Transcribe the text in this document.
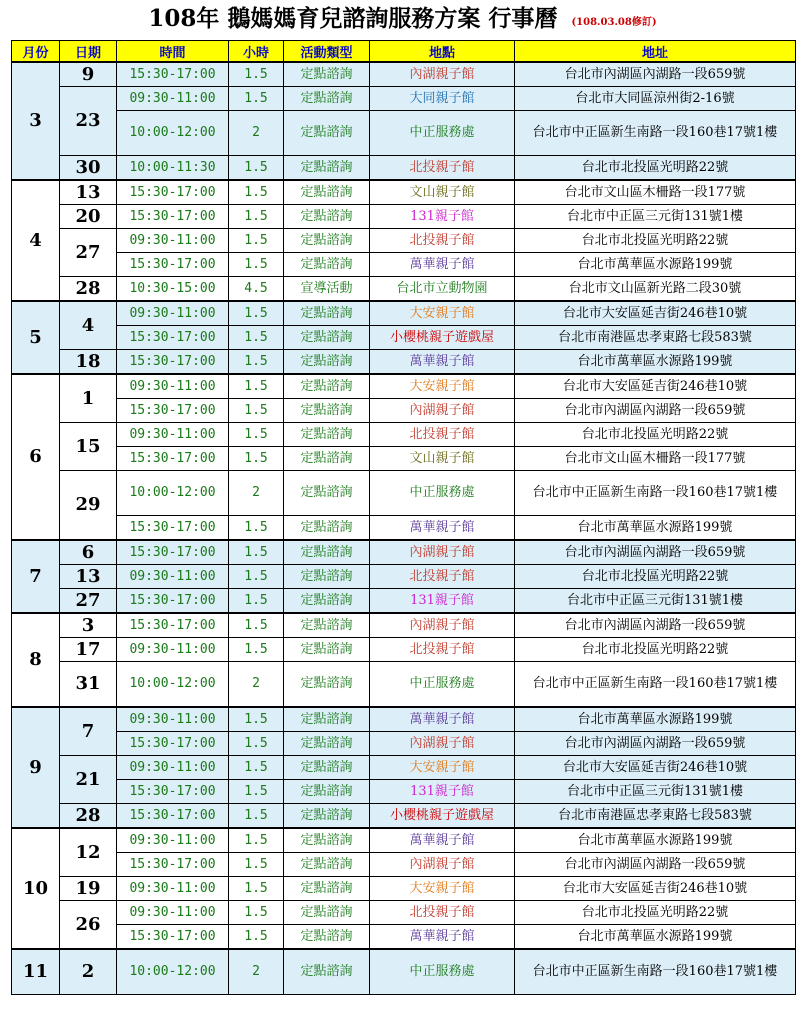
108年 鵝媽媽育兒諮詢服務方案 行事曆 (108.03.08修訂)
月份	日期	時間	小時	活動類型	地點	地址
3	9	15:30-17:00	1.5	定點諮詢	內湖親子館	台北市內湖區內湖路一段659號
	23	09:30-11:00	1.5	定點諮詢	大同親子館	台北市大同區涼州街2-16號
		10:00-12:00	2	定點諮詢	中正服務處	台北市中正區新生南路一段160巷17號1樓
	30	10:00-11:30	1.5	定點諮詢	北投親子館	台北市北投區光明路22號
4	13	15:30-17:00	1.5	定點諮詢	文山親子館	台北市文山區木柵路一段177號
	20	15:30-17:00	1.5	定點諮詢	131親子館	台北市中正區三元街131號1樓
	27	09:30-11:00	1.5	定點諮詢	北投親子館	台北市北投區光明路22號
		15:30-17:00	1.5	定點諮詢	萬華親子館	台北市萬華區水源路199號
	28	10:30-15:00	4.5	宣導活動	台北市立動物園	台北市文山區新光路二段30號
5	4	09:30-11:00	1.5	定點諮詢	大安親子館	台北市大安區延吉街246巷10號
		15:30-17:00	1.5	定點諮詢	小櫻桃親子遊戲屋	台北市南港區忠孝東路七段583號
	18	15:30-17:00	1.5	定點諮詢	萬華親子館	台北市萬華區水源路199號
6	1	09:30-11:00	1.5	定點諮詢	大安親子館	台北市大安區延吉街246巷10號
		15:30-17:00	1.5	定點諮詢	內湖親子館	台北市內湖區內湖路一段659號
	15	09:30-11:00	1.5	定點諮詢	北投親子館	台北市北投區光明路22號
		15:30-17:00	1.5	定點諮詢	文山親子館	台北市文山區木柵路一段177號
	29	10:00-12:00	2	定點諮詢	中正服務處	台北市中正區新生南路一段160巷17號1樓
		15:30-17:00	1.5	定點諮詢	萬華親子館	台北市萬華區水源路199號
7	6	15:30-17:00	1.5	定點諮詢	內湖親子館	台北市內湖區內湖路一段659號
	13	09:30-11:00	1.5	定點諮詢	北投親子館	台北市北投區光明路22號
	27	15:30-17:00	1.5	定點諮詢	131親子館	台北市中正區三元街131號1樓
8	3	15:30-17:00	1.5	定點諮詢	內湖親子館	台北市內湖區內湖路一段659號
	17	09:30-11:00	1.5	定點諮詢	北投親子館	台北市北投區光明路22號
	31	10:00-12:00	2	定點諮詢	中正服務處	台北市中正區新生南路一段160巷17號1樓
9	7	09:30-11:00	1.5	定點諮詢	萬華親子館	台北市萬華區水源路199號
		15:30-17:00	1.5	定點諮詢	內湖親子館	台北市內湖區內湖路一段659號
	21	09:30-11:00	1.5	定點諮詢	大安親子館	台北市大安區延吉街246巷10號
		15:30-17:00	1.5	定點諮詢	131親子館	台北市中正區三元街131號1樓
	28	15:30-17:00	1.5	定點諮詢	小櫻桃親子遊戲屋	台北市南港區忠孝東路七段583號
10	12	09:30-11:00	1.5	定點諮詢	萬華親子館	台北市萬華區水源路199號
		15:30-17:00	1.5	定點諮詢	內湖親子館	台北市內湖區內湖路一段659號
	19	09:30-11:00	1.5	定點諮詢	大安親子館	台北市大安區延吉街246巷10號
	26	09:30-11:00	1.5	定點諮詢	北投親子館	台北市北投區光明路22號
		15:30-17:00	1.5	定點諮詢	萬華親子館	台北市萬華區水源路199號
11	2	10:00-12:00	2	定點諮詢	中正服務處	台北市中正區新生南路一段160巷17號1樓
